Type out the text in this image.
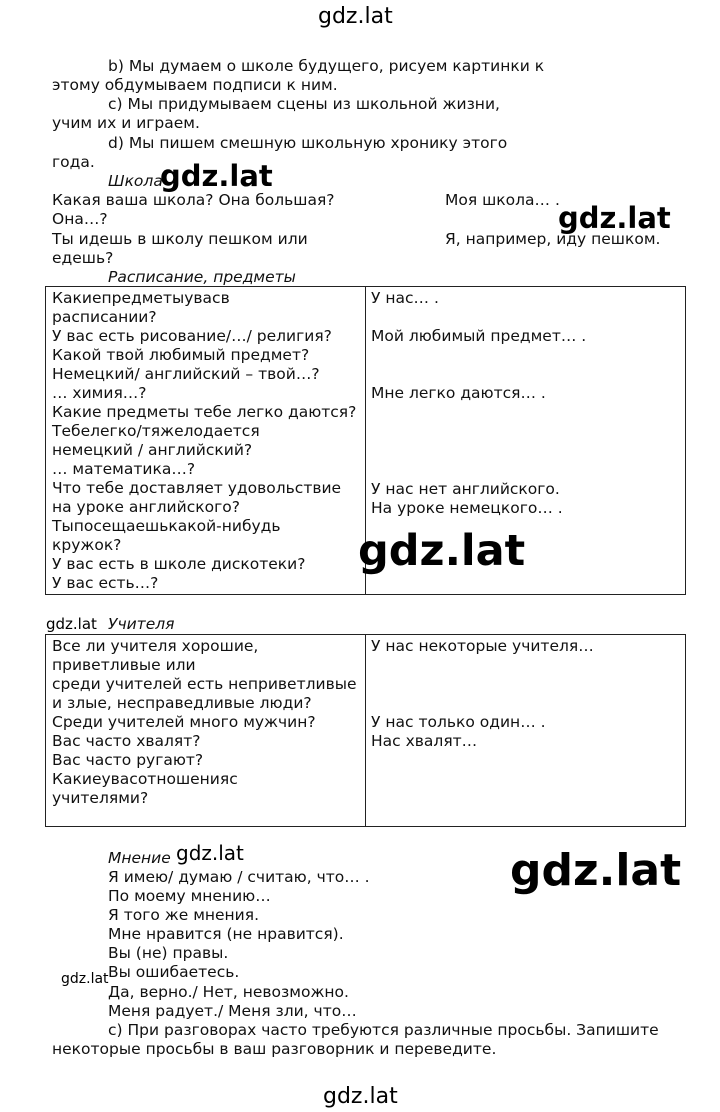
gdz.lat
b) Мы думаем о школе будущего, рисуем картинки к
этому обдумываем подписи к ним.
c) Мы придумываем сцены из школьной жизни,
учим их и играем.
d) Мы пишем смешную школьную хронику этого
года.
Школа
gdz.lat
Какая ваша школа? Она большая?
Она…?
Моя школа… .
gdz.lat
Ты идешь в школу пешком или
едешь?
Я, например, иду пешком.
Расписание, предметы
Какиепредметыувасв
расписании?
У вас есть рисование/…/ религия?
Какой твой любимый предмет?
Немецкий/ английский – твой…?
… химия…?
Какие предметы тебе легко даются?
Тебелегко/тяжелодается
немецкий / английский?
… математика…?
Что тебе доставляет удовольствие
на уроке английского?
Тыпосещаешькакой-нибудь
кружок?
У вас есть в школе дискотеки?
У вас есть…?
У нас… .
Мой любимый предмет… .
Мне легко даются… .
У нас нет английского.
На уроке немецкого… .
gdz.lat
gdz.lat Учителя
Все ли учителя хорошие,
приветливые или
среди учителей есть неприветливые
и злые, несправедливые люди?
Среди учителей много мужчин?
Вас часто хвалят?
Вас часто ругают?
Какиеувасотношенияс
учителями?
У нас некоторые учителя…
У нас только один… .
Нас хвалят…
Мнение gdz.lat	gdz.lat
Я имею/ думаю / считаю, что… .
По моему мнению…
Я того же мнения.
Мне нравится (не нравится).
Вы (не) правы.
Вы ошибаетесь.
gdz.lat
Да, верно./ Нет, невозможно.
Меня радует./ Меня зли, что…
c) При разговорах часто требуются различные просьбы. Запишите
некоторые просьбы в ваш разговорник и переведите.
gdz.lat
